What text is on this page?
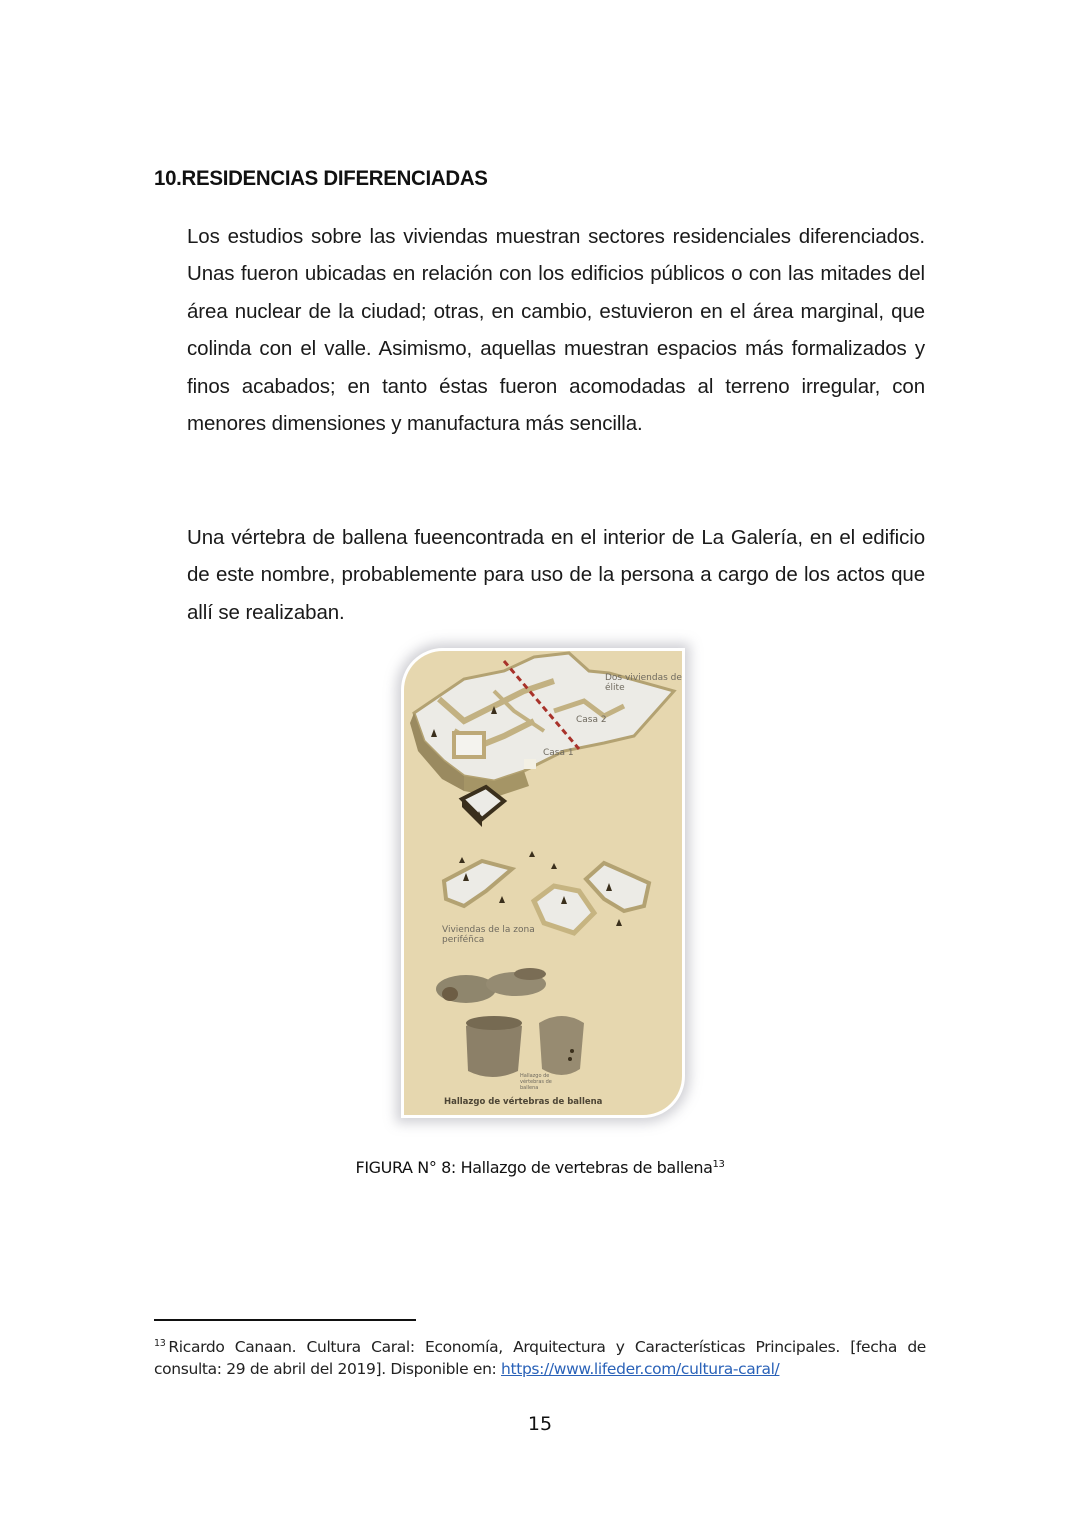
10.RESIDENCIAS DIFERENCIADAS

Los estudios sobre las viviendas muestran sectores residenciales diferenciados. Unas fueron ubicadas en relación con los edificios públicos o con las mitades del área nuclear de la ciudad; otras, en cambio, estuvieron en el área marginal, que colinda con el valle. Asimismo, aquellas muestran espacios más formalizados y finos acabados; en tanto éstas fueron acomodadas al terreno irregular, con menores dimensiones y manufactura más sencilla.

Una vértebra de ballena fueencontrada en el interior de La Galería, en el edificio de este nombre, probablemente para uso de la persona a cargo de los actos que allí se realizaban.

Dos viviendas de élite
Casa 2
Casa 1
Viviendas de la zona periféñca
Hallazgo de vértebras de ballena
Hallazgo de vértebras de ballena
FIGURA N° 8: Hallazgo de vertebras de ballena$^{13}$
$^{13}$ Ricardo Canaan. Cultura Caral: Economía, Arquitectura y Características Principales. [fecha de consulta: 29 de abril del 2019]. Disponible en: https://www.lifeder.com/cultura-caral/
15
